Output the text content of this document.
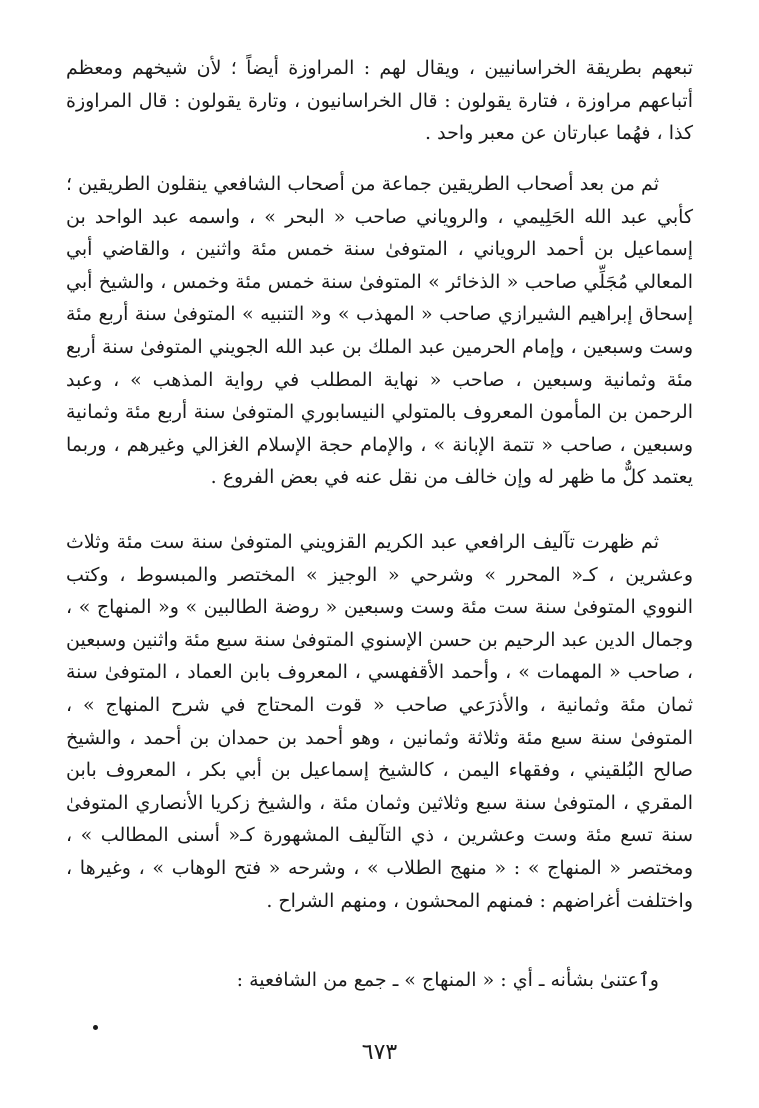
تبعهم بطريقة الخراسانيين ، ويقال لهم : المراوزة أيضاً ؛ لأن شيخهم ومعظم أتباعهم مراوزة ، فتارة يقولون : قال الخراسانيون ، وتارة يقولون : قال المراوزة كذا ، فهُما عبارتان عن معبر واحد .

ثم من بعد أصحاب الطريقين جماعة من أصحاب الشافعي ينقلون الطريقين ؛ كأبي عبد الله الحَلِيمي ، والروياني صاحب « البحر » ، واسمه عبد الواحد بن إسماعيل بن أحمد الروياني ، المتوفىٰ سنة خمس مئة واثنين ، والقاضي أبي المعالي مُجَلِّي صاحب « الذخائر » المتوفىٰ سنة خمس مئة وخمس ، والشيخ أبي إسحاق إبراهيم الشيرازي صاحب « المهذب » و« التنبيه » المتوفىٰ سنة أربع مئة وست وسبعين ، وإمام الحرمين عبد الملك بن عبد الله الجويني المتوفىٰ سنة أربع مئة وثمانية وسبعين ، صاحب « نهاية المطلب في رواية المذهب » ، وعبد الرحمن بن المأمون المعروف بالمتولي النيسابوري المتوفىٰ سنة أربع مئة وثمانية وسبعين ، صاحب « تتمة الإبانة » ، والإمام حجة الإسلام الغزالي وغيرهم ، وربما يعتمد كلٌّ ما ظهر له وإن خالف من نقل عنه في بعض الفروع .

ثم ظهرت تآليف الرافعي عبد الكريم القزويني المتوفىٰ سنة ست مئة وثلاث وعشرين ، كـ« المحرر » وشرحي « الوجيز » المختصر والمبسوط ، وكتب النووي المتوفىٰ سنة ست مئة وست وسبعين « روضة الطالبين » و« المنهاج » ، وجمال الدين عبد الرحيم بن حسن الإسنوي المتوفىٰ سنة سبع مئة واثنين وسبعين ، صاحب « المهمات » ، وأحمد الأقفهسي ، المعروف بابن العماد ، المتوفىٰ سنة ثمان مئة وثمانية ، والأذرَعي صاحب « قوت المحتاج في شرح المنهاج » ، المتوفىٰ سنة سبع مئة وثلاثة وثمانين ، وهو أحمد بن حمدان بن أحمد ، والشيخ صالح البُلقيني ، وفقهاء اليمن ، كالشيخ إسماعيل بن أبي بكر ، المعروف بابن المقري ، المتوفىٰ سنة سبع وثلاثين وثمان مئة ، والشيخ زكريا الأنصاري المتوفىٰ سنة تسع مئة وست وعشرين ، ذي التآليف المشهورة كـ« أسنى المطالب » ، ومختصر « المنهاج » : « منهج الطلاب » ، وشرحه « فتح الوهاب » ، وغيرها ، واختلفت أغراضهم : فمنهم المحشون ، ومنهم الشراح .

وٱعتنىٰ بشأنه ـ أي : « المنهاج » ـ جمع من الشافعية :

٦٧٣
